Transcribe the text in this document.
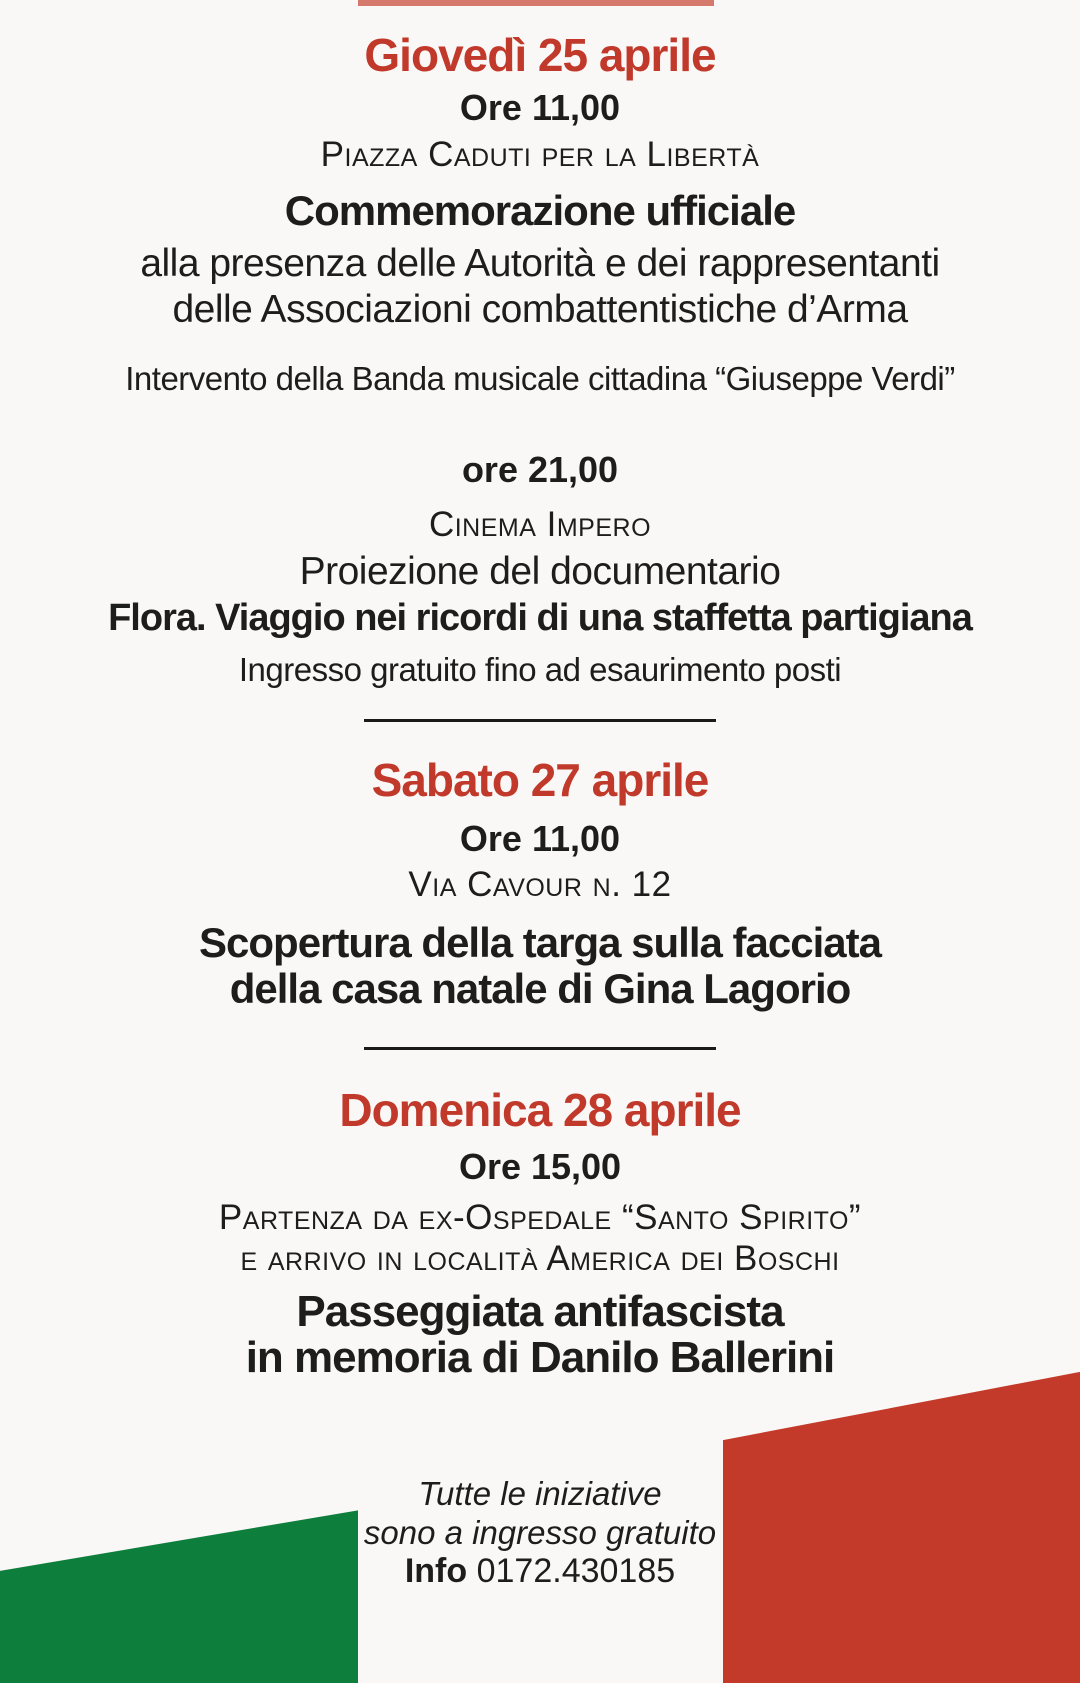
Giovedì 25 aprile
Ore 11,00
Piazza Caduti per la Libertà
Commemorazione ufficiale
alla presenza delle Autorità e dei rappresentanti
delle Associazioni combattentistiche d’Arma
Intervento della Banda musicale cittadina “Giuseppe Verdi”
ore 21,00
Cinema Impero
Proiezione del documentario
Flora. Viaggio nei ricordi di una staffetta partigiana
Ingresso gratuito fino ad esaurimento posti
Sabato 27 aprile
Ore 11,00
Via Cavour n. 12
Scopertura della targa sulla facciata
della casa natale di Gina Lagorio
Domenica 28 aprile
Ore 15,00
Partenza da ex-Ospedale “Santo Spirito”
e arrivo in località America dei Boschi
Passeggiata antifascista
in memoria di Danilo Ballerini
Tutte le iniziative
sono a ingresso gratuito
Info 0172.430185
